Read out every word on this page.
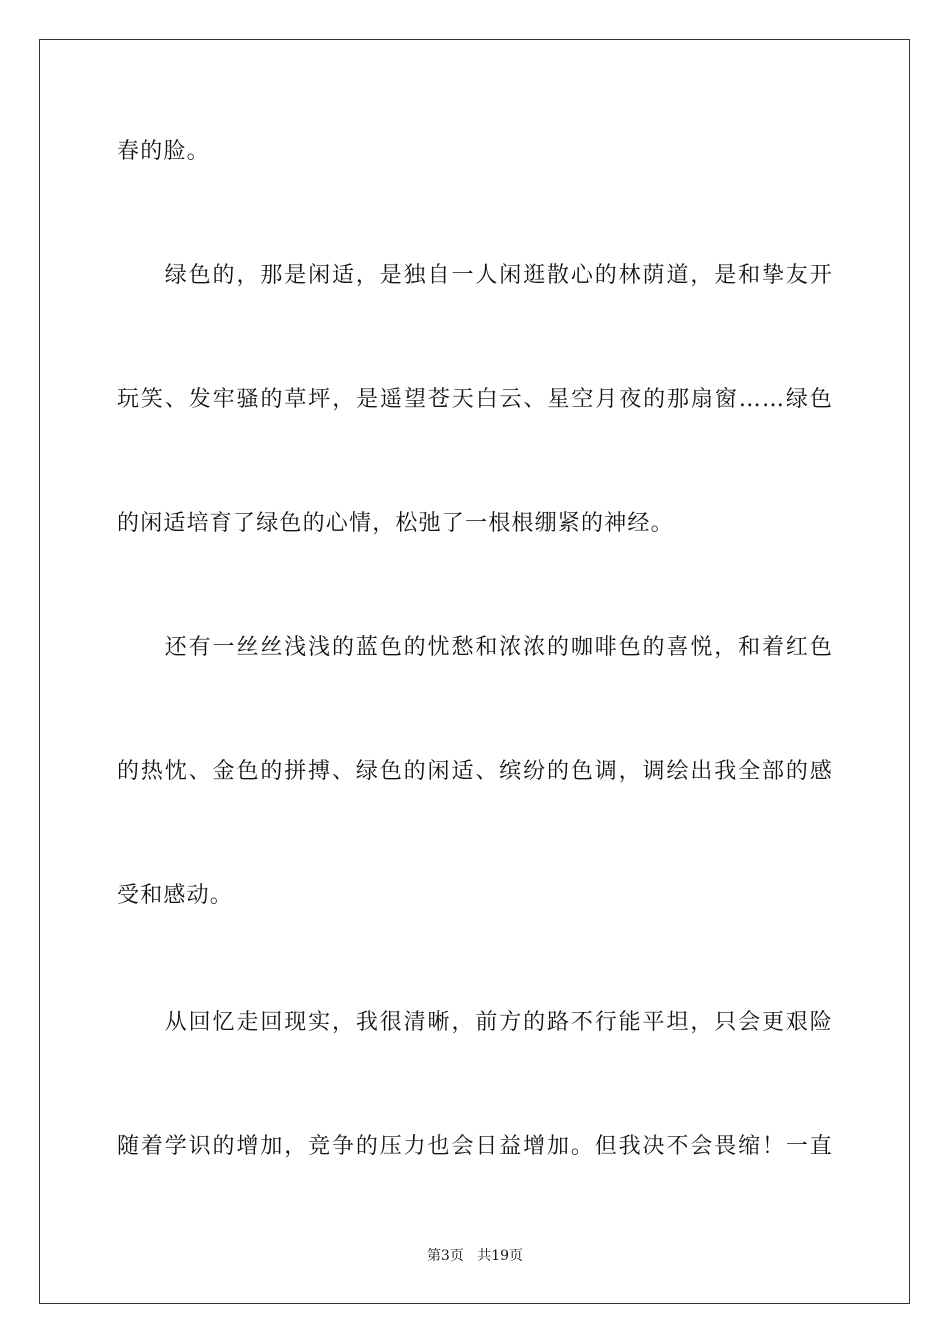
春的脸。
　　绿色的，那是闲适，是独自一人闲逛散心的林荫道，是和挚友开
玩笑、发牢骚的草坪，是遥望苍天白云、星空月夜的那扇窗……绿色
的闲适培育了绿色的心情，松弛了一根根绷紧的神经。
　　还有一丝丝浅浅的蓝色的忧愁和浓浓的咖啡色的喜悦，和着红色
的热忱、金色的拼搏、绿色的闲适、缤纷的色调，调绘出我全部的感
受和感动。
　　从回忆走回现实，我很清晰，前方的路不行能平坦，只会更艰险
随着学识的增加，竞争的压力也会日益增加。但我决不会畏缩！一直
第3页 共19页
